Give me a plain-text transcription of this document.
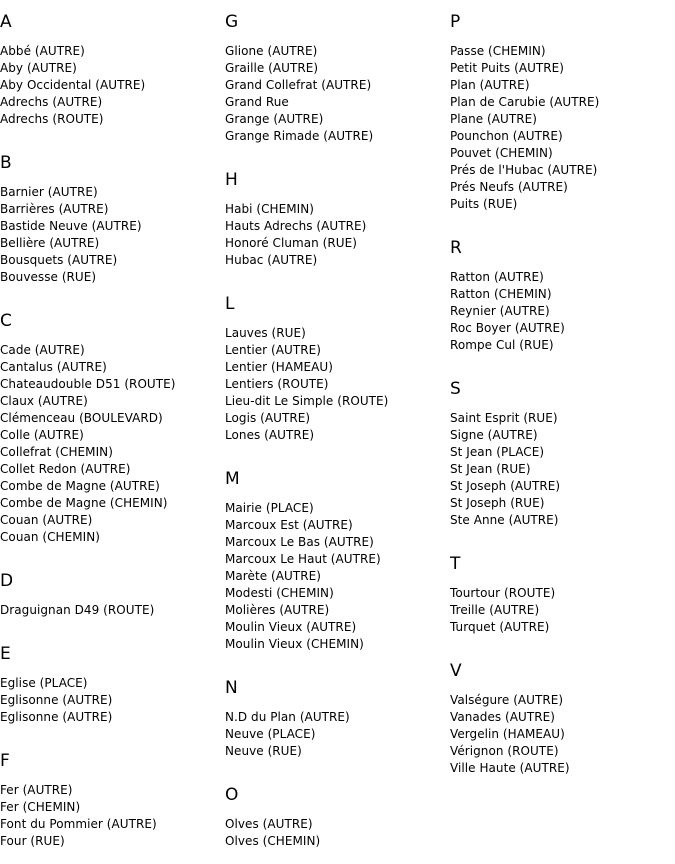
A
Abbé (AUTRE)
Aby (AUTRE)
Aby Occidental (AUTRE)
Adrechs (AUTRE)
Adrechs (ROUTE)
B
Barnier (AUTRE)
Barrières (AUTRE)
Bastide Neuve (AUTRE)
Bellière (AUTRE)
Bousquets (AUTRE)
Bouvesse (RUE)
C
Cade (AUTRE)
Cantalus (AUTRE)
Chateaudouble D51 (ROUTE)
Claux (AUTRE)
Clémenceau (BOULEVARD)
Colle (AUTRE)
Collefrat (CHEMIN)
Collet Redon (AUTRE)
Combe de Magne (AUTRE)
Combe de Magne (CHEMIN)
Couan (AUTRE)
Couan (CHEMIN)
D
Draguignan D49 (ROUTE)
E
Eglise (PLACE)
Eglisonne (AUTRE)
Eglisonne (AUTRE)
F
Fer (AUTRE)
Fer (CHEMIN)
Font du Pommier (AUTRE)
Four (RUE)
G
Glione (AUTRE)
Graille (AUTRE)
Grand Collefrat (AUTRE)
Grand Rue
Grange (AUTRE)
Grange Rimade (AUTRE)
H
Habi (CHEMIN)
Hauts Adrechs (AUTRE)
Honoré Cluman (RUE)
Hubac (AUTRE)
L
Lauves (RUE)
Lentier (AUTRE)
Lentier (HAMEAU)
Lentiers (ROUTE)
Lieu-dit Le Simple (ROUTE)
Logis (AUTRE)
Lones (AUTRE)
M
Mairie (PLACE)
Marcoux Est (AUTRE)
Marcoux Le Bas (AUTRE)
Marcoux Le Haut (AUTRE)
Marète (AUTRE)
Modesti (CHEMIN)
Molières (AUTRE)
Moulin Vieux (AUTRE)
Moulin Vieux (CHEMIN)
N
N.D du Plan (AUTRE)
Neuve (PLACE)
Neuve (RUE)
O
Olves (AUTRE)
Olves (CHEMIN)
P
Passe (CHEMIN)
Petit Puits (AUTRE)
Plan (AUTRE)
Plan de Carubie (AUTRE)
Plane (AUTRE)
Pounchon (AUTRE)
Pouvet (CHEMIN)
Prés de l'Hubac (AUTRE)
Prés Neufs (AUTRE)
Puits (RUE)
R
Ratton (AUTRE)
Ratton (CHEMIN)
Reynier (AUTRE)
Roc Boyer (AUTRE)
Rompe Cul (RUE)
S
Saint Esprit (RUE)
Signe (AUTRE)
St Jean (PLACE)
St Jean (RUE)
St Joseph (AUTRE)
St Joseph (RUE)
Ste Anne (AUTRE)
T
Tourtour (ROUTE)
Treille (AUTRE)
Turquet (AUTRE)
V
Valségure (AUTRE)
Vanades (AUTRE)
Vergelin (HAMEAU)
Vérignon (ROUTE)
Ville Haute (AUTRE)
